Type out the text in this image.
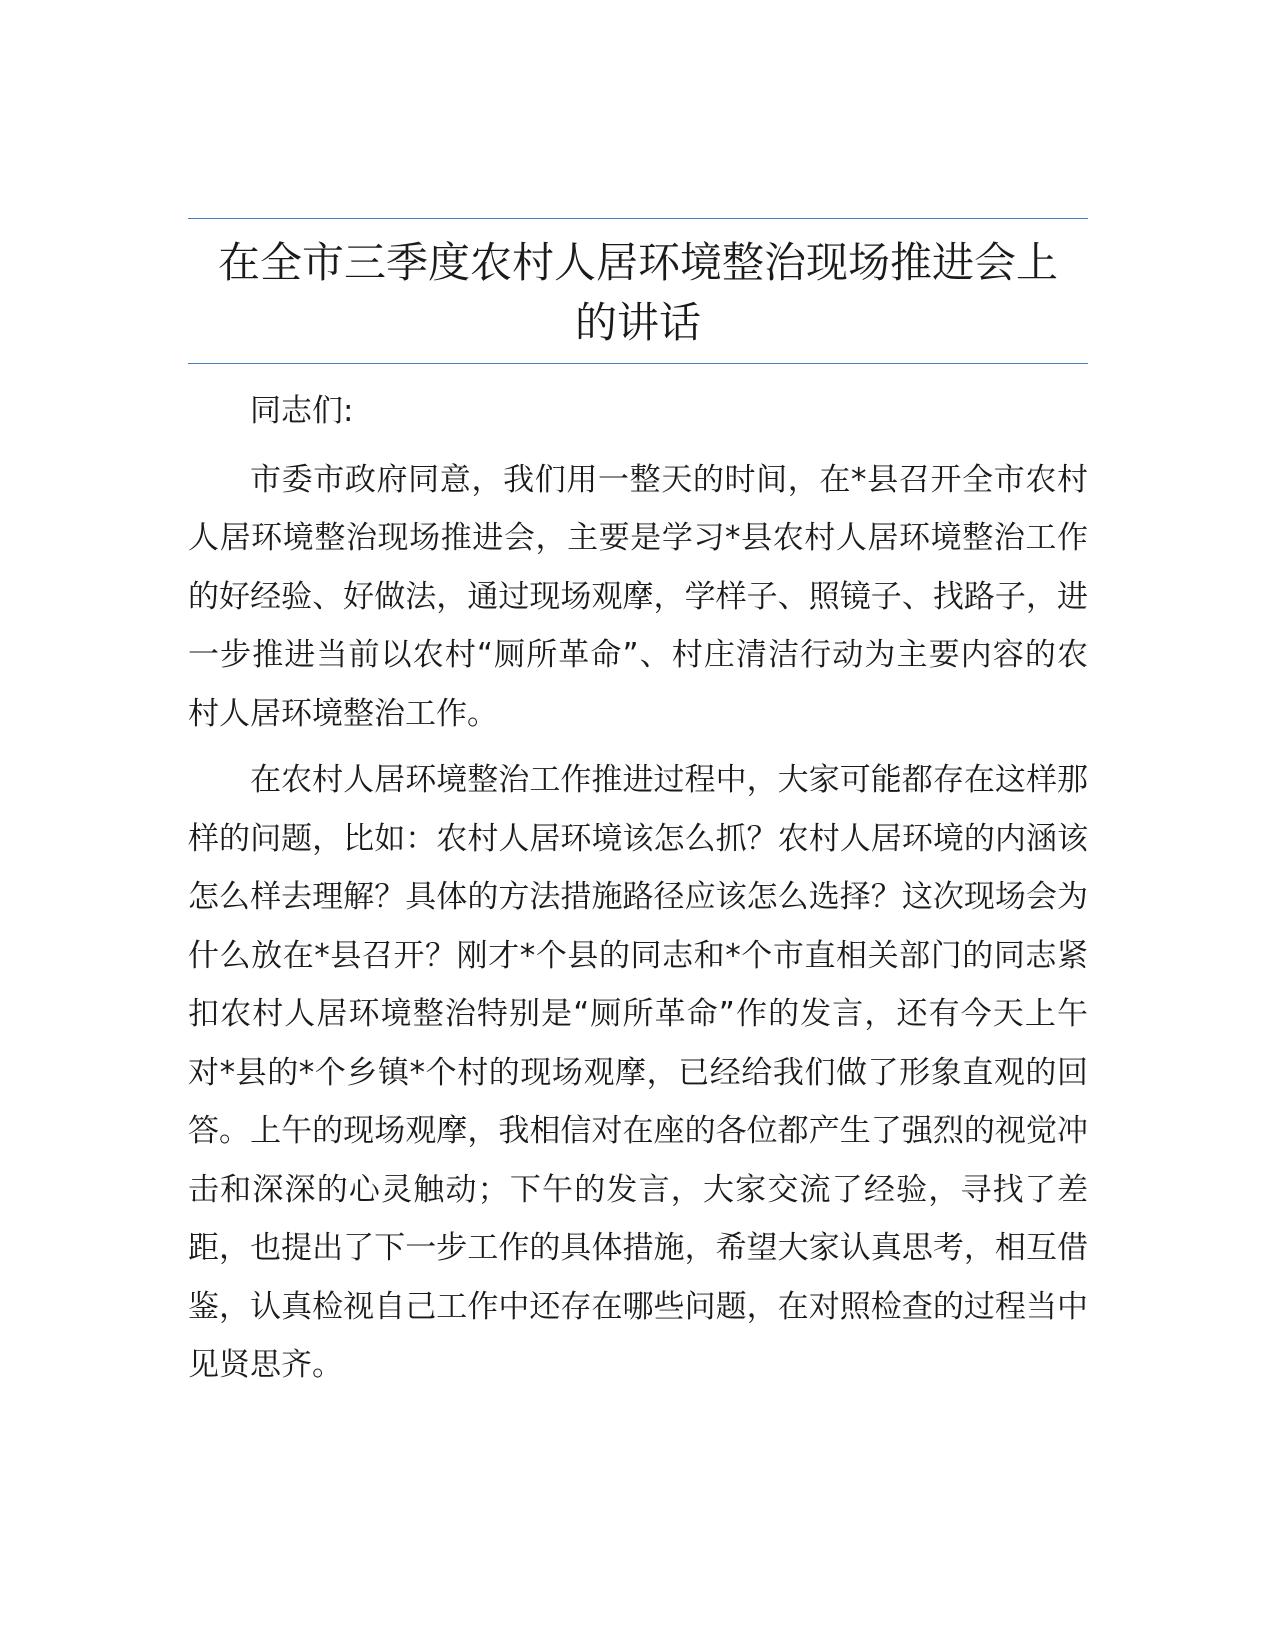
在全市三季度农村人居环境整治现场推进会上
的讲话

同志们:

市委市政府同意，我们用一整天的时间，在*县召开全市农村人居环境整治现场推进会，主要是学习*县农村人居环境整治工作的好经验、好做法，通过现场观摩，学样子、照镜子、找路子，进一步推进当前以农村“厕所革命”、村庄清洁行动为主要内容的农村人居环境整治工作。

在农村人居环境整治工作推进过程中，大家可能都存在这样那样的问题，比如：农村人居环境该怎么抓？农村人居环境的内涵该怎么样去理解？具体的方法措施路径应该怎么选择？这次现场会为什么放在*县召开？刚才*个县的同志和*个市直相关部门的同志紧扣农村人居环境整治特别是“厕所革命”作的发言，还有今天上午对*县的*个乡镇*个村的现场观摩，已经给我们做了形象直观的回答。上午的现场观摩，我相信对在座的各位都产生了强烈的视觉冲击和深深的心灵触动；下午的发言，大家交流了经验，寻找了差距，也提出了下一步工作的具体措施，希望大家认真思考，相互借鉴，认真检视自己工作中还存在哪些问题，在对照检查的过程当中见贤思齐。
